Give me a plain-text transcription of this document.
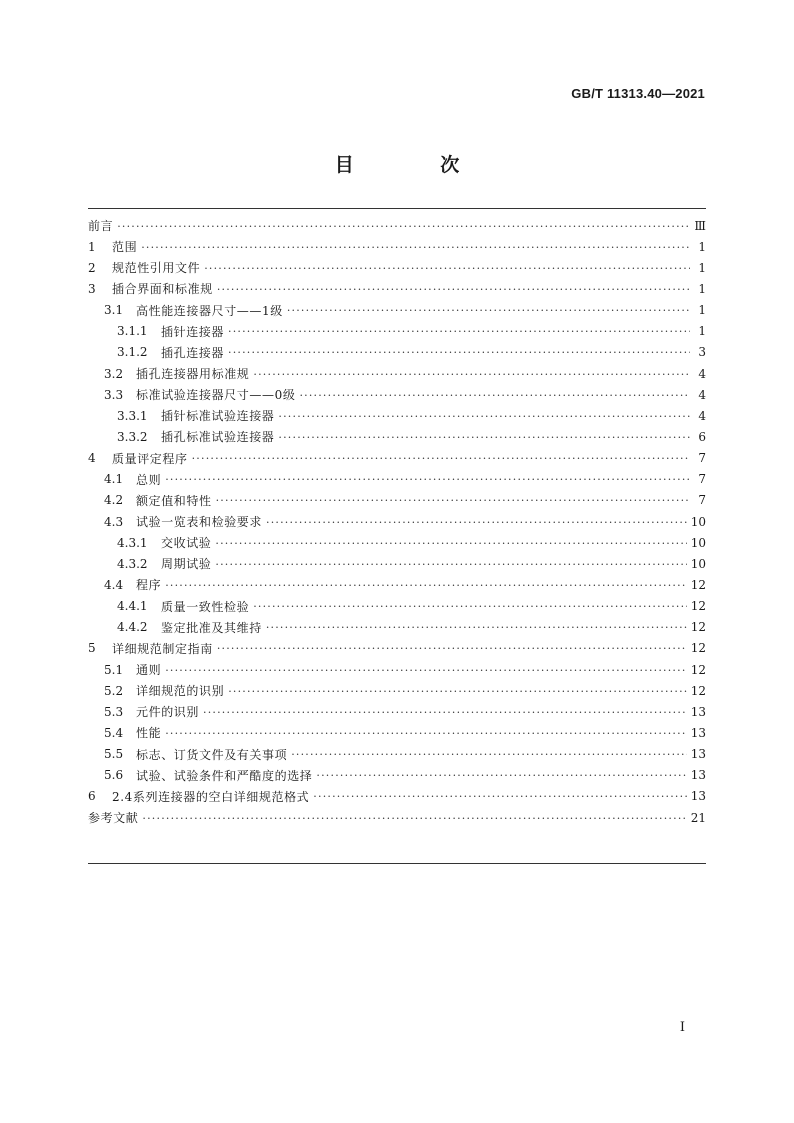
GB/T 11313.40—2021
目 次
前言 ·····	Ⅲ
1	范围 ·····	1
2	规范性引用文件 ·····	1
3	插合界面和标准规 ·····	1
3.1	高性能连接器尺寸——1级 ·····	1
3.1.1	插针连接器 ·····	1
3.1.2	插孔连接器 ·····	3
3.2	插孔连接器用标准规 ·····	4
3.3	标准试验连接器尺寸——0级 ·····	4
3.3.1	插针标准试验连接器 ·····	4
3.3.2	插孔标准试验连接器 ·····	6
4	质量评定程序 ·····	7
4.1	总则 ·····	7
4.2	额定值和特性 ·····	7
4.3	试验一览表和检验要求 ·····	10
4.3.1	交收试验 ·····	10
4.3.2	周期试验 ·····	10
4.4	程序 ·····	12
4.4.1	质量一致性检验 ·····	12
4.4.2	鉴定批准及其维持 ·····	12
5	详细规范制定指南 ·····	12
5.1	通则 ·····	12
5.2	详细规范的识别 ·····	12
5.3	元件的识别 ·····	13
5.4	性能 ·····	13
5.5	标志、订货文件及有关事项 ·····	13
5.6	试验、试验条件和严酷度的选择 ·····	13
6	2.4系列连接器的空白详细规范格式 ·····	13
参考文献 ·····	21
I
